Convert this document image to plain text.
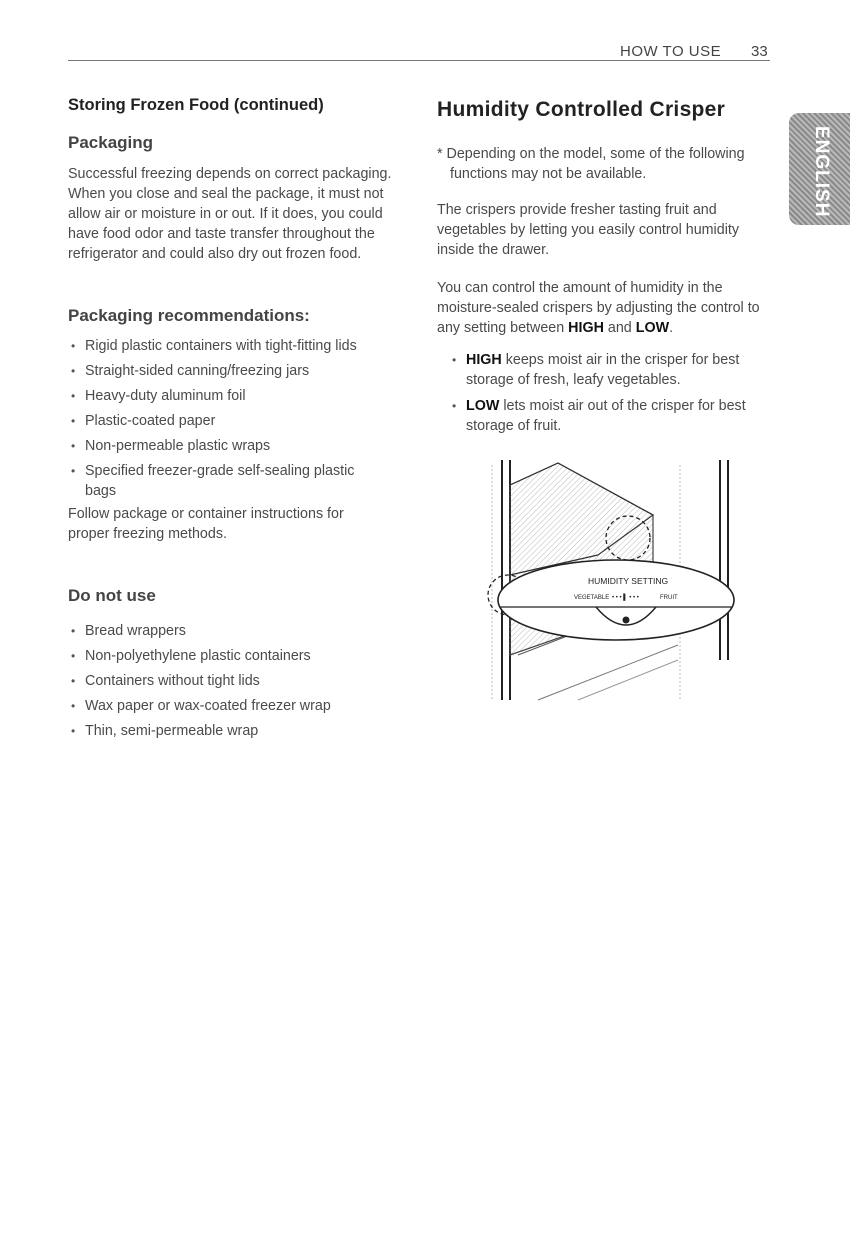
HOW TO USE 33
ENGLISH
Storing Frozen Food (continued)
Packaging

Successful freezing depends on correct packaging. When you close and seal the package, it must not allow air or moisture in or out. If it does, you could have food odor and taste transfer throughout the refrigerator and could also dry out frozen food.

Packaging recommendations:
• Rigid plastic containers with tight-fitting lids
• Straight-sided canning/freezing jars
• Heavy-duty aluminum foil
• Plastic-coated paper
• Non-permeable plastic wraps
• Specified freezer-grade self-sealing plastic bags

Follow package or container instructions for proper freezing methods.

Do not use
• Bread wrappers
• Non-polyethylene plastic containers
• Containers without tight lids
• Wax paper or wax-coated freezer wrap
• Thin, semi-permeable wrap
Humidity Controlled Crisper

* Depending on the model, some of the following functions may not be available.

The crispers provide fresher tasting fruit and vegetables by letting you easily control humidity inside the drawer.

You can control the amount of humidity in the moisture-sealed crispers by adjusting the control to any setting between HIGH and LOW.

• HIGH keeps moist air in the crisper for best storage of fresh, leafy vegetables.
• LOW lets moist air out of the crisper for best storage of fruit.
HUMIDITY SETTING
VEGETABLE • • • ▌ • • •	FRUIT
